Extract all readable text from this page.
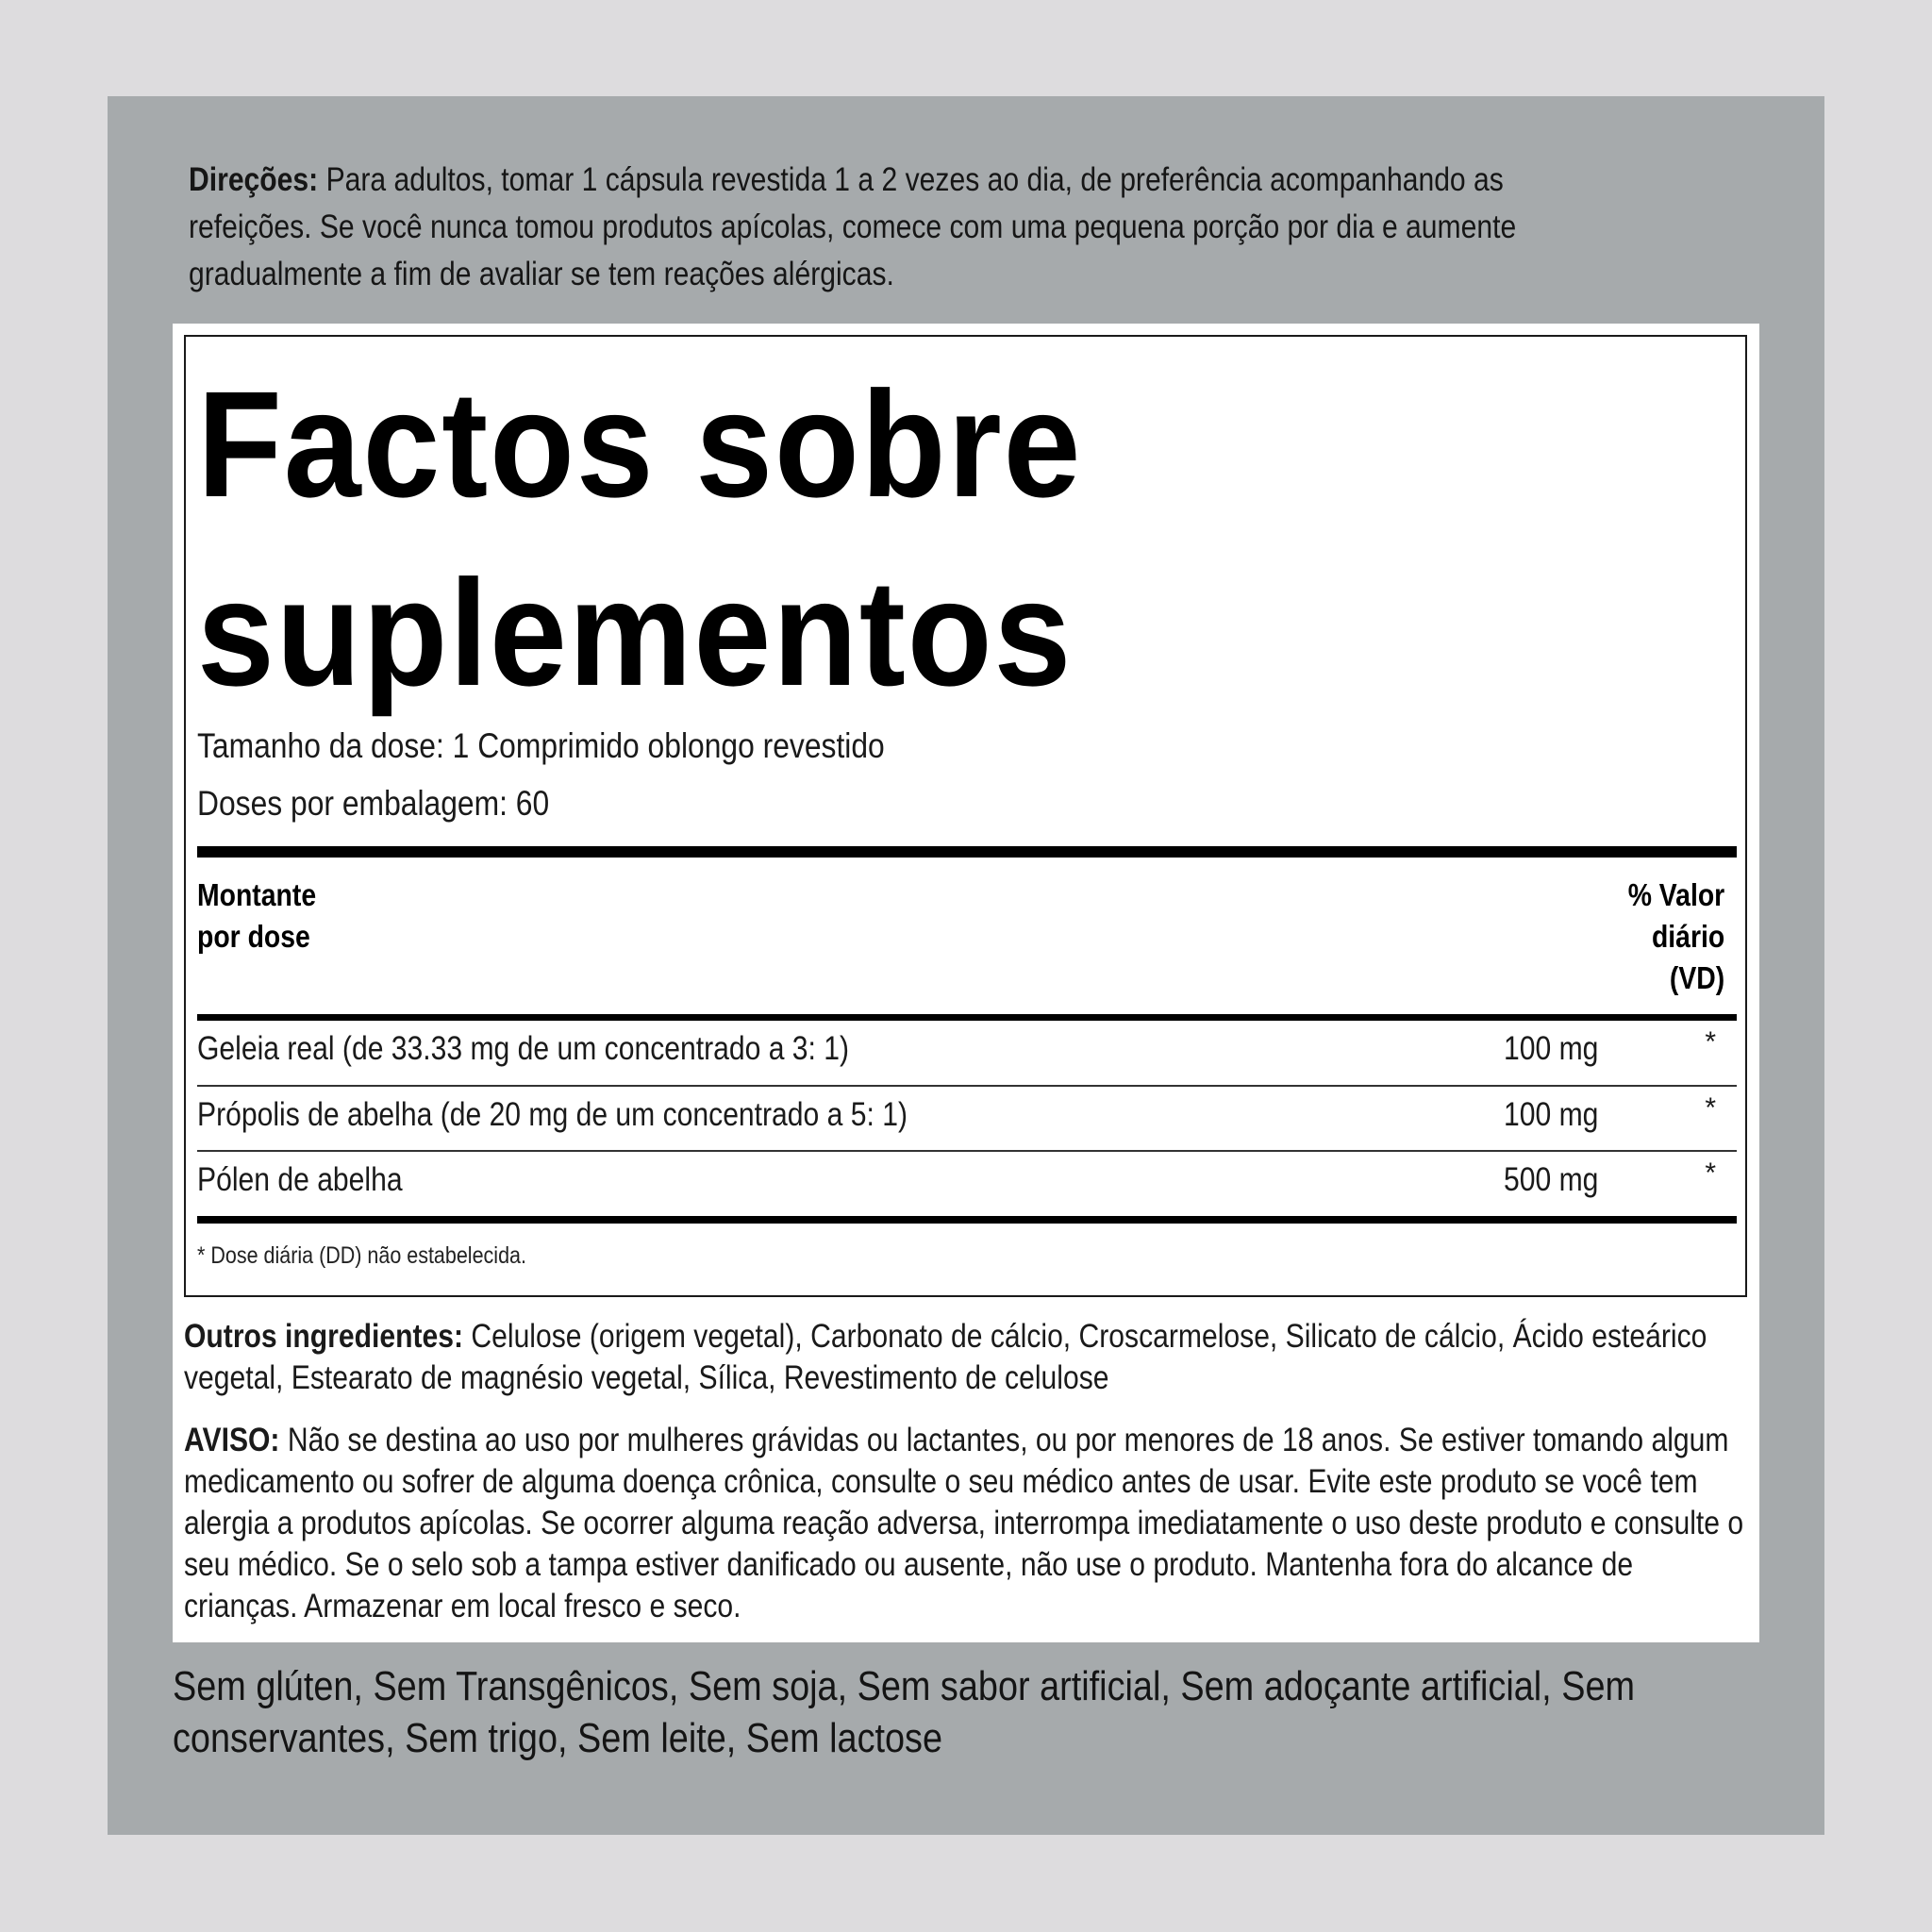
Direções: Para adultos, tomar 1 cápsula revestida 1 a 2 vezes ao dia, de preferência acompanhando as refeições. Se você nunca tomou produtos apícolas, comece com uma pequena porção por dia e aumente gradualmente a fim de avaliar se tem reações alérgicas.

Factos sobre
suplementos
Tamanho da dose: 1 Comprimido oblongo revestido
Doses por embalagem: 60
Montante
por dose
% Valor
diário
(VD)
Geleia real (de 33.33 mg de um concentrado a 3: 1)	100 mg	*
Própolis de abelha (de 20 mg de um concentrado a 5: 1)	100 mg	*
Pólen de abelha	500 mg	*
* Dose diária (DD) não estabelecida.

Outros ingredientes: Celulose (origem vegetal), Carbonato de cálcio, Croscarmelose, Silicato de cálcio, Ácido esteárico vegetal, Estearato de magnésio vegetal, Sílica, Revestimento de celulose

AVISO: Não se destina ao uso por mulheres grávidas ou lactantes, ou por menores de 18 anos. Se estiver tomando algum medicamento ou sofrer de alguma doença crônica, consulte o seu médico antes de usar. Evite este produto se você tem alergia a produtos apícolas. Se ocorrer alguma reação adversa, interrompa imediatamente o uso deste produto e consulte o seu médico. Se o selo sob a tampa estiver danificado ou ausente, não use o produto. Mantenha fora do alcance de crianças. Armazenar em local fresco e seco.

Sem glúten, Sem Transgênicos, Sem soja, Sem sabor artificial, Sem adoçante artificial, Sem conservantes, Sem trigo, Sem leite, Sem lactose
